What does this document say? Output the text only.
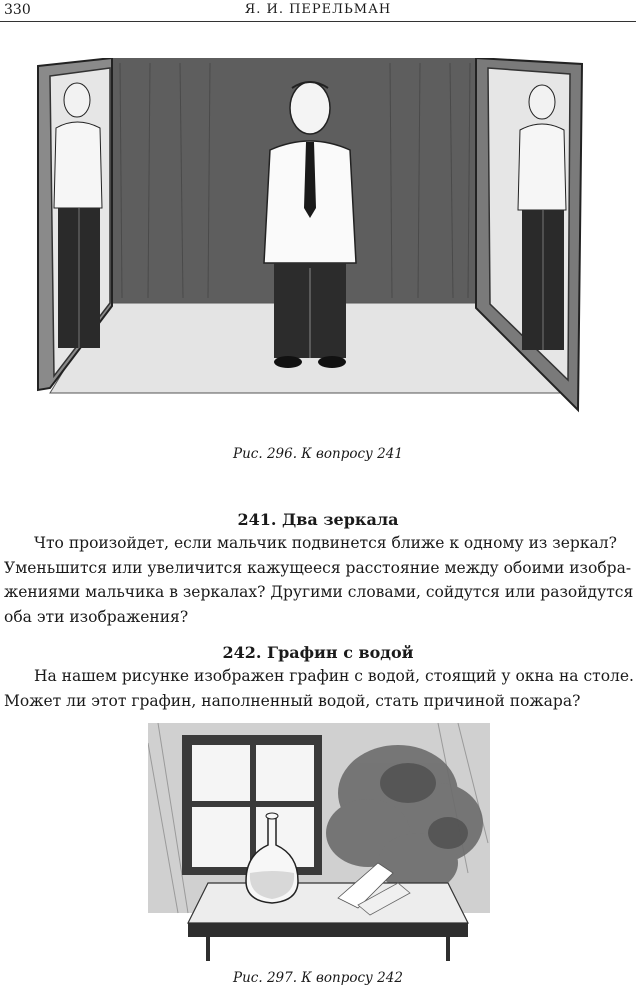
330	Я. И. ПЕРЕЛЬМАН
Рис. 296. К вопросу 241
241. Два зеркала

Что произойдет, если мальчик подвинется ближе к одному из зеркал?
Уменьшится или увеличится кажущееся расстояние между обоими изобра-
жениями мальчика в зеркалах? Другими словами, сойдутся или разойдутся
оба эти изображения?

242. Графин с водой

На нашем рисунке изображен графин с водой, стоящий у окна на столе.
Может ли этот графин, наполненный водой, стать причиной пожара?

Рис. 297. К вопросу 242
